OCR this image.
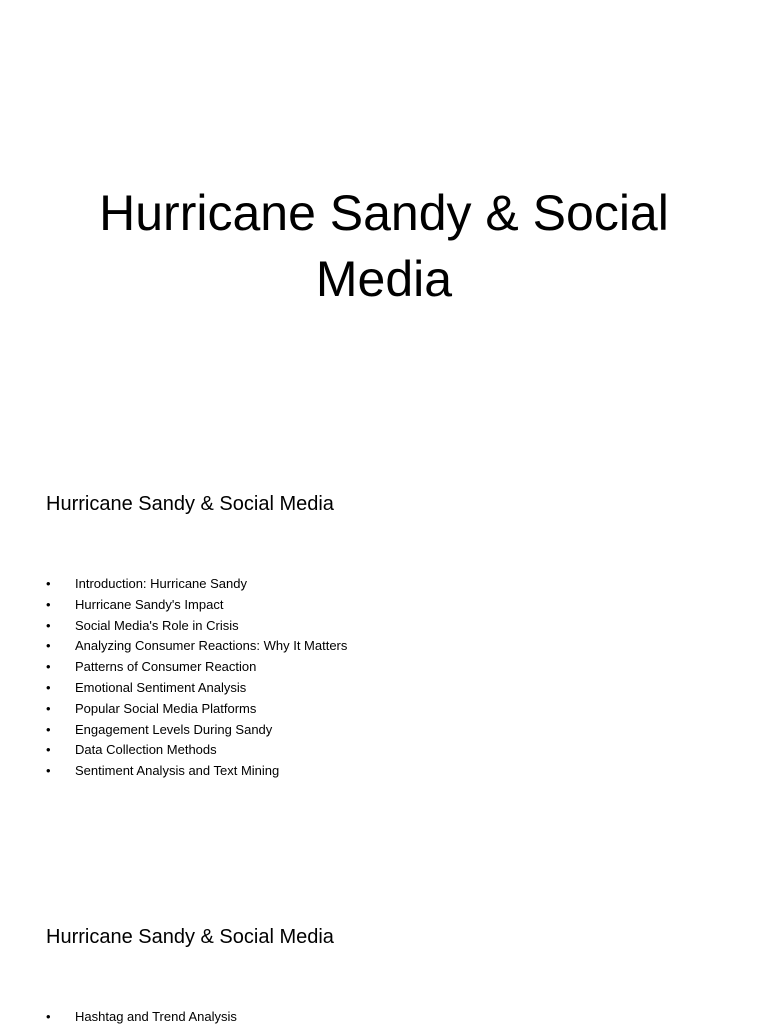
Hurricane Sandy & Social
Media
Hurricane Sandy & Social Media
• Introduction: Hurricane Sandy
• Hurricane Sandy's Impact
• Social Media's Role in Crisis
• Analyzing Consumer Reactions: Why It Matters
• Patterns of Consumer Reaction
• Emotional Sentiment Analysis
• Popular Social Media Platforms
• Engagement Levels During Sandy
• Data Collection Methods
• Sentiment Analysis and Text Mining
Hurricane Sandy & Social Media
• Hashtag and Trend Analysis
